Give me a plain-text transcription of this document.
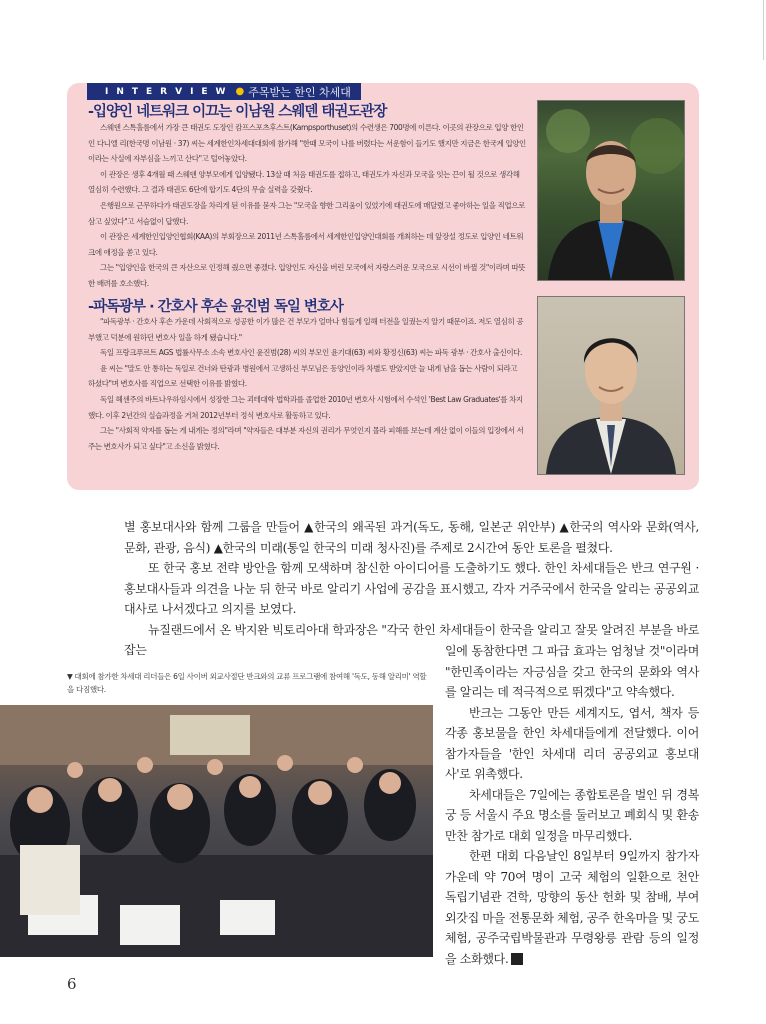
INTERVIEW ● 주목받는 한인 차세대
-입양인 네트워크 이끄는 이남원 스웨덴 태권도관장

스웨덴 스톡홀름에서 가장 큰 태권도 도장인 캄프스포츠후스트(Kampsporthuset)의 수련생은 700명에 이른다. 이곳의 관장으로 입양 한인인 다니엘 리(한국명 이남원 · 37) 씨는 세계한인차세대대회에 참가해 "한때 모국이 나를 버렸다는 서운함이 들기도 했지만 지금은 한국계 입양인이라는 사실에 자부심을 느끼고 산다"고 털어놓았다.

이 관장은 생후 4개월 때 스웨덴 양부모에게 입양됐다. 13살 때 처음 태권도를 접하고, 태권도가 자신과 모국을 잇는 끈이 될 것으로 생각해 열심히 수련했다. 그 결과 태권도 6단에 합기도 4단의 무술 실력을 갖췄다.

은행원으로 근무하다가 태권도장을 차리게 된 이유를 묻자 그는 "모국을 향한 그리움이 있었기에 태권도에 매달렸고 좋아하는 일을 직업으로 삼고 싶었다"고 서슴없이 답했다.

이 관장은 세계한인입양인협회(KAA)의 부회장으로 2011년 스톡홀름에서 세계한인입양인대회를 개최하는 데 앞장설 정도로 입양인 네트워크에 애정을 쏟고 있다.

그는 "입양인을 한국의 큰 자산으로 인정해 줬으면 좋겠다. 입양인도 자신을 버린 모국에서 자랑스러운 모국으로 시선이 바뀔 것"이라며 따뜻한 배려를 호소했다.

-파독광부 · 간호사 후손 윤진범 독일 변호사

"파독광부 · 간호사 후손 가운데 사회적으로 성공한 이가 많은 건 부모가 얼마나 힘들게 일해 터전을 일궜는지 알기 때문이죠. 저도 열심히 공부했고 덕분에 원하던 변호사 일을 하게 됐습니다."

독일 프랑크푸르트 AGS 법률사무소 소속 변호사인 윤진범(28) 씨의 부모인 윤기대(63) 씨와 황정신(63) 씨는 파독 광부 · 간호사 출신이다.

윤 씨는 "말도 안 통하는 독일로 건너와 탄광과 병원에서 고생하신 부모님은 동양인이라 차별도 받았지만 늘 내게 남을 돕는 사람이 되라고 하셨다"며 변호사를 직업으로 선택한 이유를 밝혔다.

독일 헤센주의 바트나우하임시에서 성장한 그는 괴테대학 법학과를 졸업한 2010년 변호사 시험에서 수석인 'Best Law Graduates'를 차지했다. 이후 2년간의 실습과정을 거쳐 2012년부터 정식 변호사로 활동하고 있다.

그는 "사회적 약자를 돕는 게 내게는 정의"라며 "약자들은 대부분 자신의 권리가 무엇인지 몰라 피해를 보는데 계산 없이 이들의 입장에서 서주는 변호사가 되고 싶다"고 소신을 밝혔다.

별 홍보대사와 함께 그룹을 만들어 ▲한국의 왜곡된 과거(독도, 동해, 일본군 위안부) ▲한국의 역사와 문화(역사, 문화, 관광, 음식) ▲한국의 미래(통일 한국의 미래 청사진)를 주제로 2시간여 동안 토론을 펼쳤다.

또 한국 홍보 전략 방안을 함께 모색하며 참신한 아이디어를 도출하기도 했다. 한인 차세대들은 반크 연구원 · 홍보대사들과 의견을 나눈 뒤 한국 바로 알리기 사업에 공감을 표시했고, 각자 거주국에서 한국을 알리는 공공외교대사로 나서겠다고 의지를 보였다.

뉴질랜드에서 온 박지완 빅토리아대 학과장은 "각국 한인 차세대들이 한국을 알리고 잘못 알려진 부분을 바로잡는

▼ 대회에 참가한 차세대 리더들은 6일 사이버 외교사절단 반크와의 교류 프로그램에 참여해 '독도, 동해 알리미' 역할을 다짐했다.

일에 동참한다면 그 파급 효과는 엄청날 것"이라며 "한민족이라는 자긍심을 갖고 한국의 문화와 역사를 알리는 데 적극적으로 뛰겠다"고 약속했다.

반크는 그동안 만든 세계지도, 엽서, 책자 등 각종 홍보물을 한인 차세대들에게 전달했다. 이어 참가자들을 '한인 차세대 리더 공공외교 홍보대사'로 위촉했다.

차세대들은 7일에는 종합토론을 벌인 뒤 경복궁 등 서울시 주요 명소를 둘러보고 폐회식 및 환송 만찬 참가로 대회 일정을 마무리했다.

한편 대회 다음날인 8일부터 9일까지 참가자 가운데 약 70여 명이 고국 체험의 일환으로 천안 독립기념관 견학, 망향의 동산 헌화 및 참배, 부여 외갓집 마을 전통문화 체험, 공주 한옥마을 및 궁도 체험, 공주국립박물관과 무령왕릉 관람 등의 일정을 소화했다.	同

6
